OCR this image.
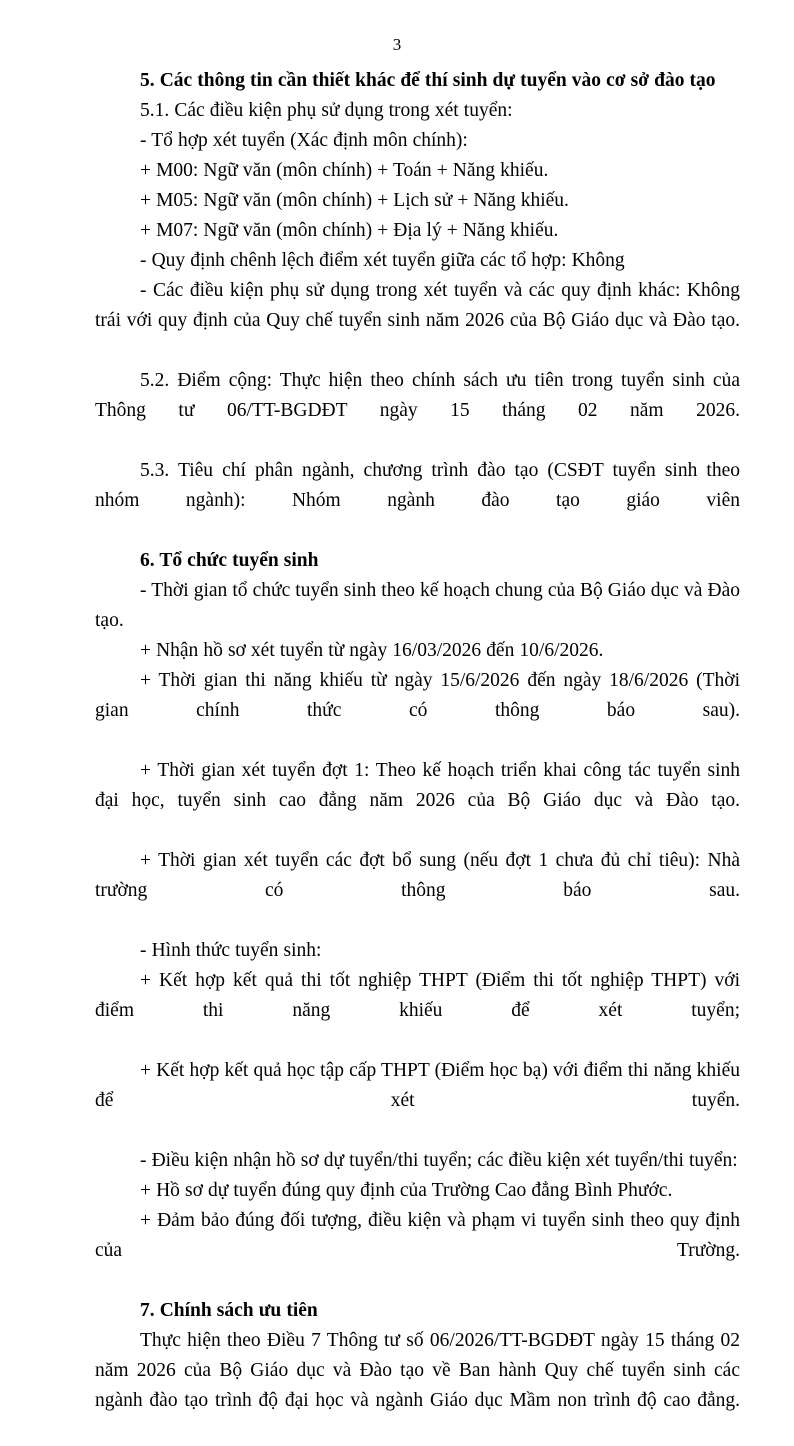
3

5. Các thông tin cần thiết khác để thí sinh dự tuyển vào cơ sở đào tạo

5.1. Các điều kiện phụ sử dụng trong xét tuyển:

- Tổ hợp xét tuyển (Xác định môn chính):

+ M00: Ngữ văn (môn chính) + Toán + Năng khiếu.

+ M05: Ngữ văn (môn chính) + Lịch sử + Năng khiếu.

+ M07: Ngữ văn (môn chính) + Địa lý + Năng khiếu.

- Quy định chênh lệch điểm xét tuyển giữa các tổ hợp: Không

- Các điều kiện phụ sử dụng trong xét tuyển và các quy định khác: Không trái với quy định của Quy chế tuyển sinh năm 2026 của Bộ Giáo dục và Đào tạo.

5.2. Điểm cộng: Thực hiện theo chính sách ưu tiên trong tuyển sinh của Thông tư 06/TT-BGDĐT ngày 15 tháng 02 năm 2026.

5.3. Tiêu chí phân ngành, chương trình đào tạo (CSĐT tuyển sinh theo nhóm ngành): Nhóm ngành đào tạo giáo viên

6. Tổ chức tuyển sinh

- Thời gian tổ chức tuyển sinh theo kế hoạch chung của Bộ Giáo dục và Đào tạo.

+ Nhận hồ sơ xét tuyển từ ngày 16/03/2026 đến 10/6/2026.

+ Thời gian thi năng khiếu từ ngày 15/6/2026 đến ngày 18/6/2026 (Thời gian chính thức có thông báo sau).

+ Thời gian xét tuyển đợt 1: Theo kế hoạch triển khai công tác tuyển sinh đại học, tuyển sinh cao đẳng năm 2026 của Bộ Giáo dục và Đào tạo.

+ Thời gian xét tuyển các đợt bổ sung (nếu đợt 1 chưa đủ chỉ tiêu): Nhà trường có thông báo sau.

- Hình thức tuyển sinh:

+ Kết hợp kết quả thi tốt nghiệp THPT (Điểm thi tốt nghiệp THPT) với điểm thi năng khiếu để xét tuyển;

+ Kết hợp kết quả học tập cấp THPT (Điểm học bạ) với điểm thi năng khiếu để xét tuyển.

- Điều kiện nhận hồ sơ dự tuyển/thi tuyển; các điều kiện xét tuyển/thi tuyển:

+ Hồ sơ dự tuyển đúng quy định của Trường Cao đẳng Bình Phước.

+ Đảm bảo đúng đối tượng, điều kiện và phạm vi tuyển sinh theo quy định của Trường.

7. Chính sách ưu tiên

Thực hiện theo Điều 7 Thông tư số 06/2026/TT-BGDĐT ngày 15 tháng 02 năm 2026 của Bộ Giáo dục và Đào tạo về Ban hành Quy chế tuyển sinh các ngành đào tạo trình độ đại học và ngành Giáo dục Mầm non trình độ cao đẳng.
